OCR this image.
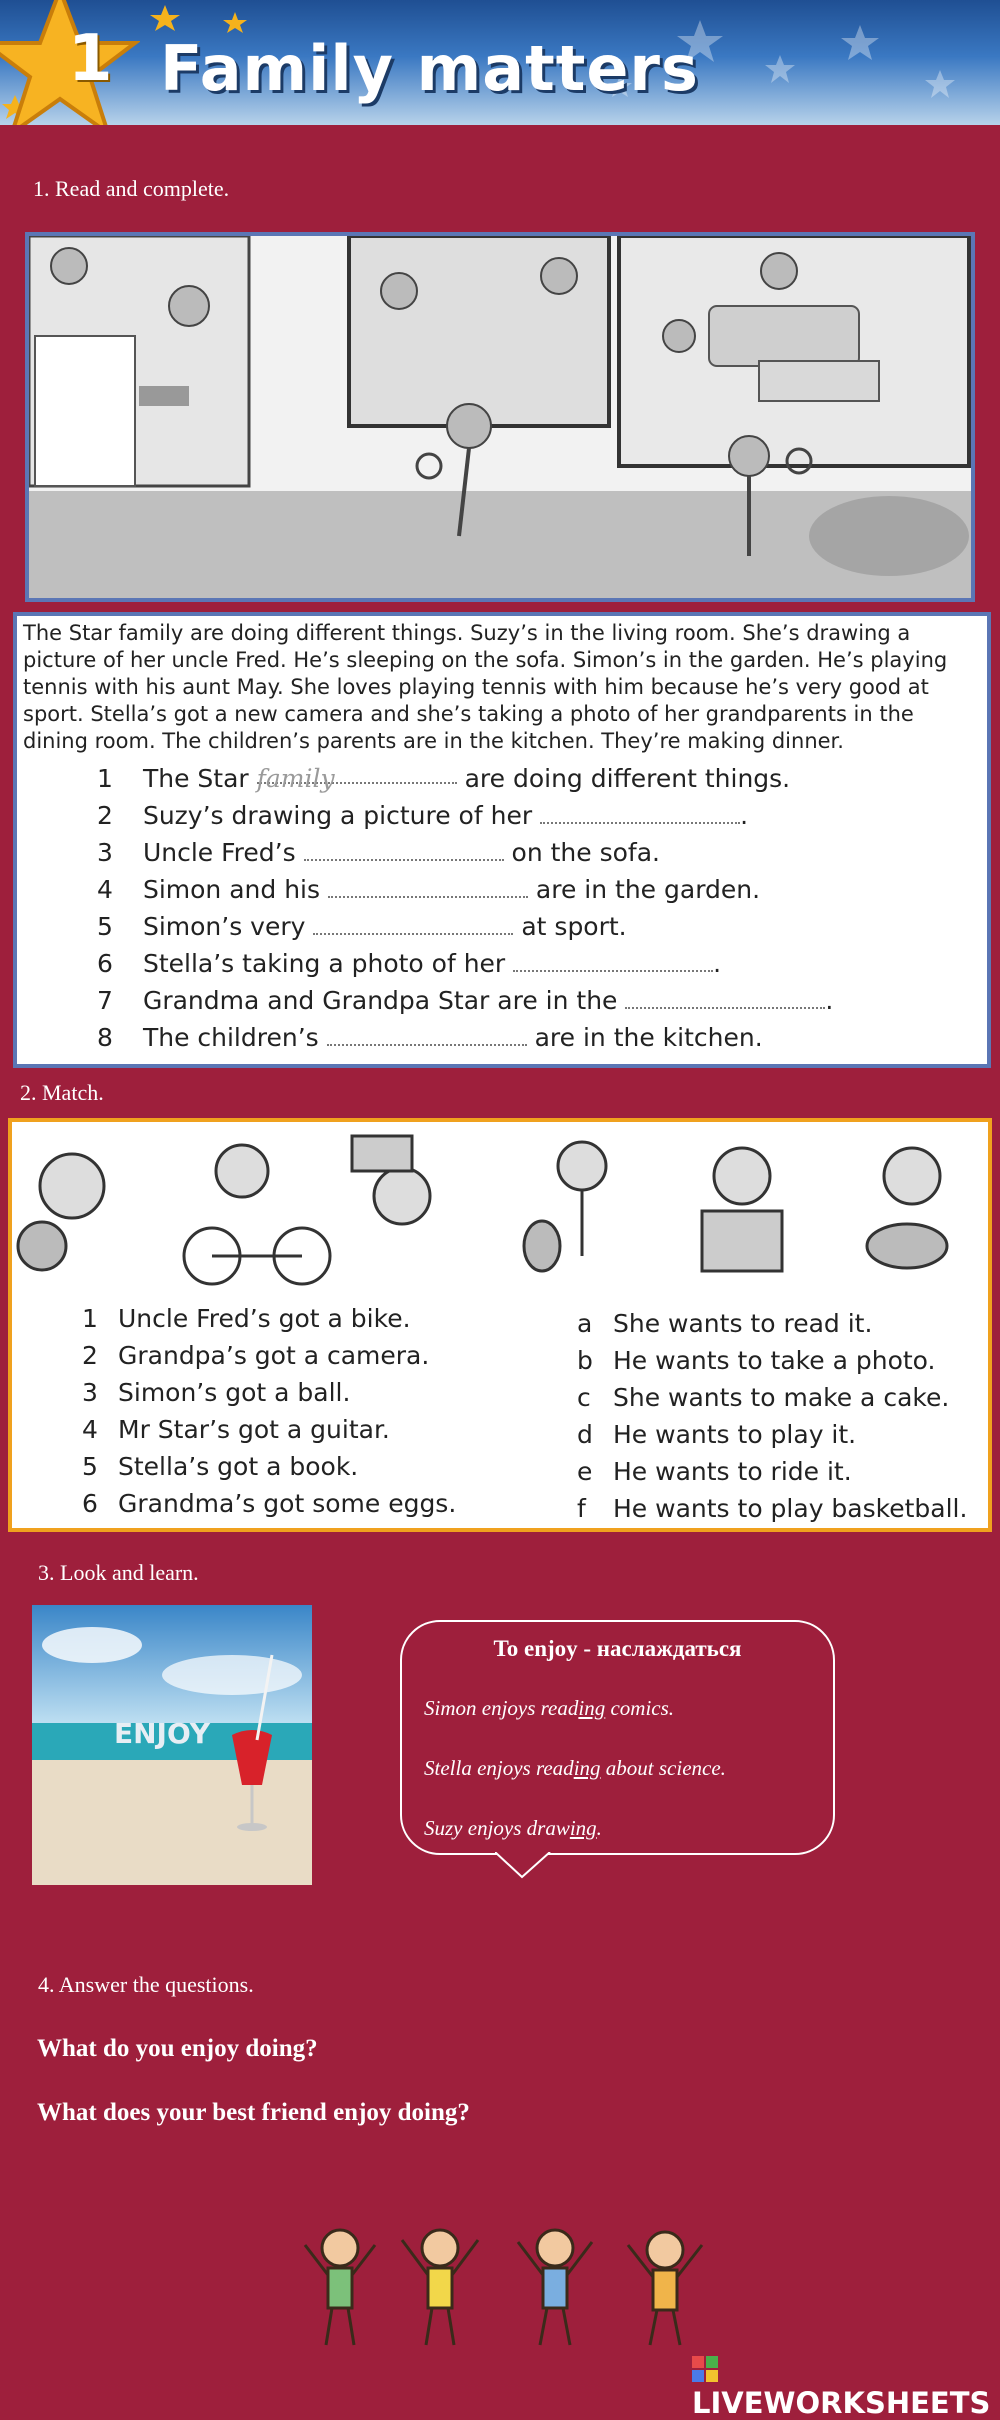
1 Family matters
1. Read and complete.
The Star family are doing different things. Suzy’s in the living room. She’s drawing a picture of her uncle Fred. He’s sleeping on the sofa. Simon’s in the garden. He’s playing tennis with his aunt May. She loves playing tennis with him because he’s very good at sport. Stella’s got a new camera and she’s taking a photo of her grandparents in the dining room. The children’s parents are in the kitchen. They’re making dinner.
1 The Star family	are doing different things.
2 Suzy’s drawing a picture of her	.
3 Uncle Fred’s	on the sofa.
4 Simon and his	are in the garden.
5 Simon’s very	at sport.
6 Stella’s taking a photo of her	.
7 Grandma and Grandpa Star are in the	.
8 The children’s	are in the kitchen.
2. Match.
1 Uncle Fred’s got a bike.
2 Grandpa’s got a camera.
3 Simon’s got a ball.
4 Mr Star’s got a guitar.
5 Stella’s got a book.
6 Grandma’s got some eggs.
a She wants to read it.
b He wants to take a photo.
c She wants to make a cake.
d He wants to play it.
e He wants to ride it.
f He wants to play basketball.
3. Look and learn.
ENJOY
To enjoy - наслаждаться
Simon enjoys reading comics.
Stella enjoys reading about science.
Suzy enjoys drawing.
4. Answer the questions.
What do you enjoy doing?
What does your best friend enjoy doing?
LIVEWORKSHEETS
